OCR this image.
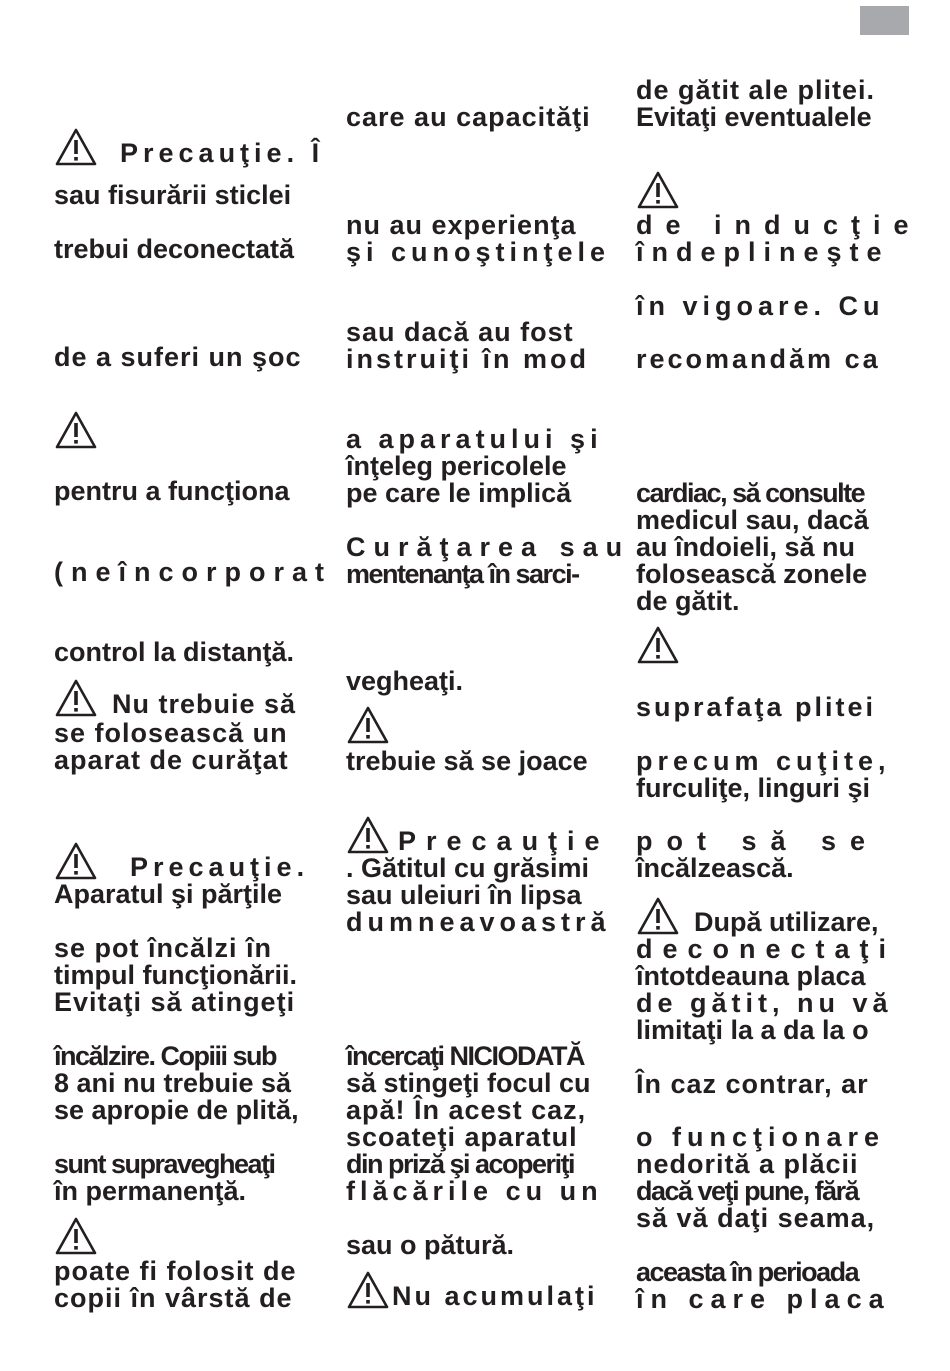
Precauţie. Î
sau fisurării sticlei
trebui deconectată
de a suferi un şoc
pentru a funcţiona
(neîncorporat
control la distanţă.
Nu trebuie să
se folosească un
aparat de curăţat
Precauţie.
Aparatul şi părţile
se pot încălzi în
timpul funcţionării.
Evitaţi să atingeţi
încălzire. Copiii sub
8 ani nu trebuie să
se apropie de plită,
sunt supravegheaţi
în permanenţă.
poate fi folosit de
copii în vârstă de
care au capacităţi
nu au experienţa
şi cunoştinţele
sau dacă au fost
instruiţi în mod
a aparatului şi
înţeleg pericolele
pe care le implică
Curăţarea sau
mentenanţa în sarci-
vegheaţi.
trebuie să se joace
Precauţie
. Gătitul cu grăsimi
sau uleiuri în lipsa
dumneavoastră
încercaţi NICIODATĂ
să stingeţi focul cu
apă! În acest caz,
scoateţi aparatul
din priză şi acoperiţi
flăcările cu un
sau o pătură.
Nu acumulaţi
de gătit ale plitei.
Evitaţi eventualele
de inducţie
îndeplineşte
în vigoare. Cu
recomandăm ca
cardiac, să consulte
medicul sau, dacă
au îndoieli, să nu
folosească zonele
de gătit.
suprafaţa plitei
precum cuţite,
furculiţe, linguri şi
pot să se
încălzească.
După utilizare,
deconectaţi
întotdeauna placa
de gătit, nu vă
limitaţi la a da la o
În caz contrar, ar
o funcţionare
nedorită a plăcii
dacă veţi pune, fără
să vă daţi seama,
aceasta în perioada
în care placa
